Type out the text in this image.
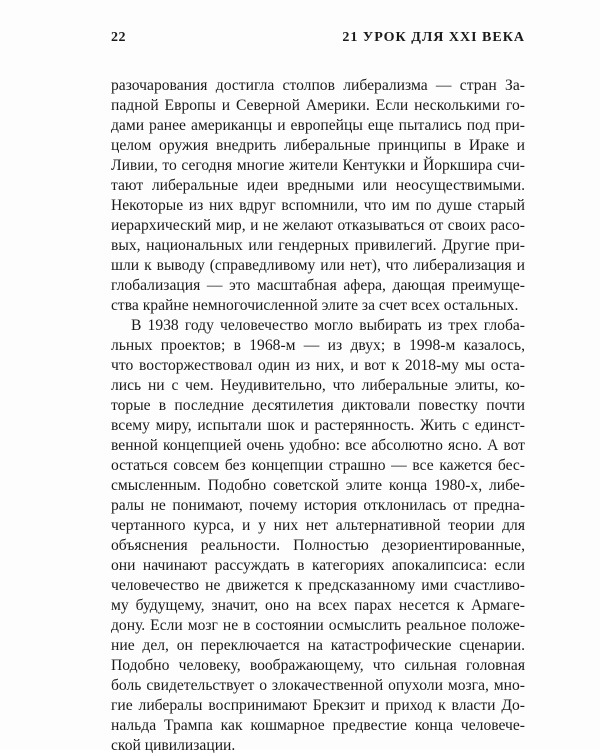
22	21 УРОК ДЛЯ XXI ВЕКА
разочарования достигла столпов либерализма — стран За-
падной Европы и Северной Америки. Если несколькими го-
дами ранее американцы и европейцы еще пытались под при-
целом оружия внедрить либеральные принципы в Ираке и
Ливии, то сегодня многие жители Кентукки и Йоркшира счи-
тают либеральные идеи вредными или неосуществимыми.
Некоторые из них вдруг вспомнили, что им по душе старый
иерархический мир, и не желают отказываться от своих расо-
вых, национальных или гендерных привилегий. Другие при-
шли к выводу (справедливому или нет), что либерализация и
глобализация — это масштабная афера, дающая преимуще-
ства крайне немногочисленной элите за счет всех остальных.
В 1938 году человечество могло выбирать из трех глоба-
льных проектов; в 1968-м — из двух; в 1998-м казалось,
что восторжествовал один из них, и вот к 2018-му мы оста-
лись ни с чем. Неудивительно, что либеральные элиты, ко-
торые в последние десятилетия диктовали повестку почти
всему миру, испытали шок и растерянность. Жить с единст-
венной концепцией очень удобно: все абсолютно ясно. А вот
остаться совсем без концепции страшно — все кажется бес-
смысленным. Подобно советской элите конца 1980-х, либе-
ралы не понимают, почему история отклонилась от предна-
чертанного курса, и у них нет альтернативной теории для
объяснения реальности. Полностью дезориентированные,
они начинают рассуждать в категориях апокалипсиса: если
человечество не движется к предсказанному ими счастливо-
му будущему, значит, оно на всех парах несется к Армаге-
дону. Если мозг не в состоянии осмыслить реальное положе-
ние дел, он переключается на катастрофические сценарии.
Подобно человеку, воображающему, что сильная головная
боль свидетельствует о злокачественной опухоли мозга, мно-
гие либералы воспринимают Брекзит и приход к власти До-
нальда Трампа как кошмарное предвестие конца человече-
ской цивилизации.
